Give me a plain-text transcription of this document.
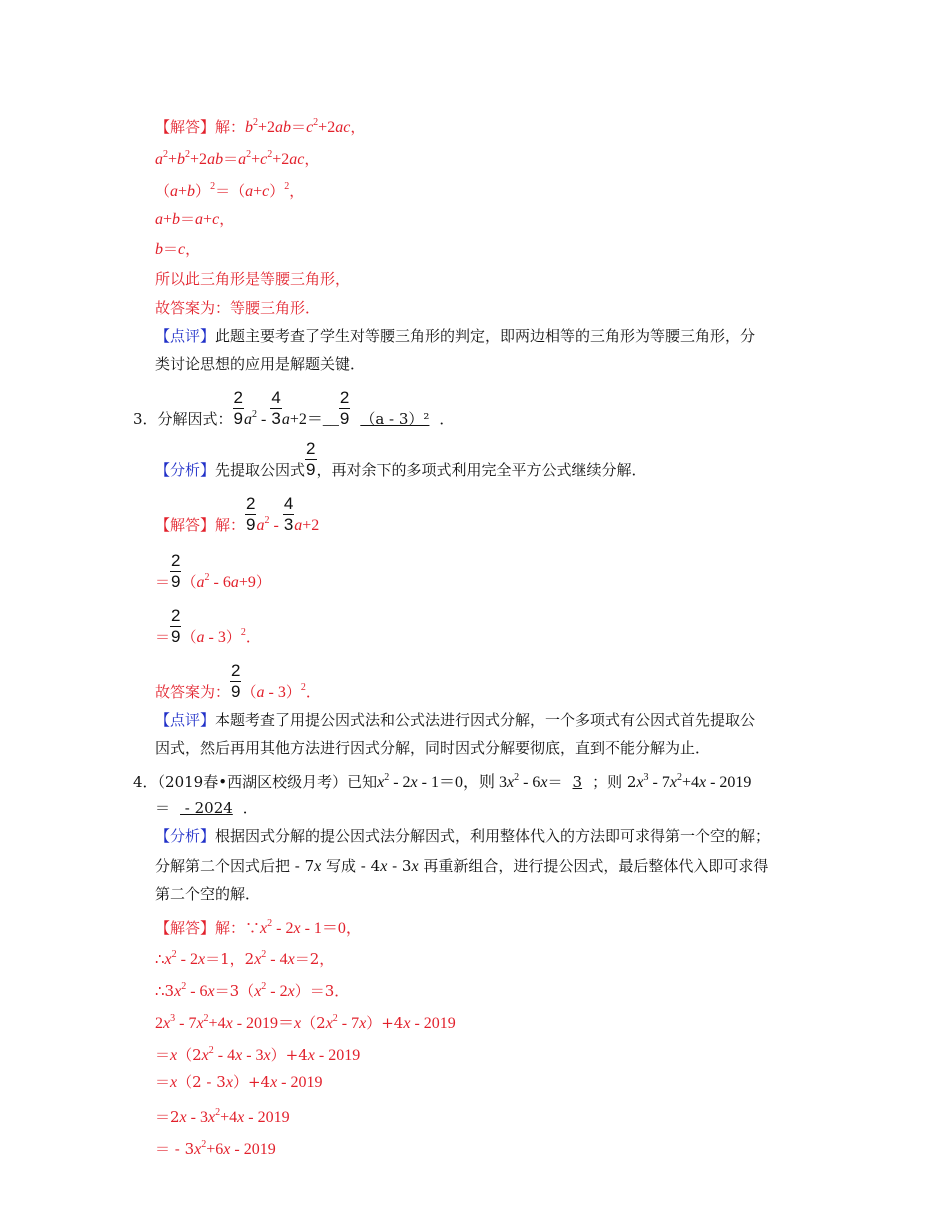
【解答】解：$b^2+2ab=c^2+2ac$，
$a^2+b^2+2ab=a^2+c^2+2ac$，
$(a+b)^2=(a+c)^2$，
a+b＝a+c，
b＝c，
所以此三角形是等腰三角形，
故答案为：等腰三角形．
【点评】此题主要考查了学生对等腰三角形的判定，即两边相等的三角形为等腰三角形，分
类讨论思想的应用是解题关键．
3．分解因式： $\frac{2}{9}a^2$ - $\frac{4}{3}a+2=\_\_ \frac{2}{9} (a - 3)^2$ ．
【分析】先提取公因式 $\frac{2}{9}$，再对余下的多项式利用完全平方公式继续分解．
【解答】解： $\frac{2}{9}a^2 - \frac{4}{3}a+2$
＝ $\frac{2}{9}(a^2 - 6a+9)$
＝ $\frac{2}{9}(a - 3)^2$．
故答案为： $\frac{2}{9}(a - 3)^2$．
【点评】本题考查了用提公因式法和公式法进行因式分解，一个多项式有公因式首先提取公
因式，然后再用其他方法进行因式分解，同时因式分解要彻底，直到不能分解为止．
4．（2019春•西湖区校级月考）已知$x^2 - 2x - 1=0$，则 $3x^2 - 6x= 3$ ；则 $2x^3 - 7x^2+4x - 2019$
＝ - 2024 ．
【分析】根据因式分解的提公因式法分解因式，利用整体代入的方法即可求得第一个空的解；
分解第二个因式后把 - 7x 写成 - 4x - 3x 再重新组合，进行提公因式，最后整体代入即可求得
第二个空的解．
【解答】解：$\because x^2 - 2x - 1=0$，
$\therefore x^2 - 2x=1$，$2x^2 - 4x=2$，
$\therefore 3x^2 - 6x=3(x^2 - 2x)=3$．
$2x^3 - 7x^2+4x - 2019=x(2x^2 - 7x)+4x - 2019$
$=x(2x^2 - 4x - 3x)+4x - 2019$
＝x（2 - 3x）+4x - 2019
$=2x - 3x^2+4x - 2019$
＝ - $3x^2+6x - 2019$
